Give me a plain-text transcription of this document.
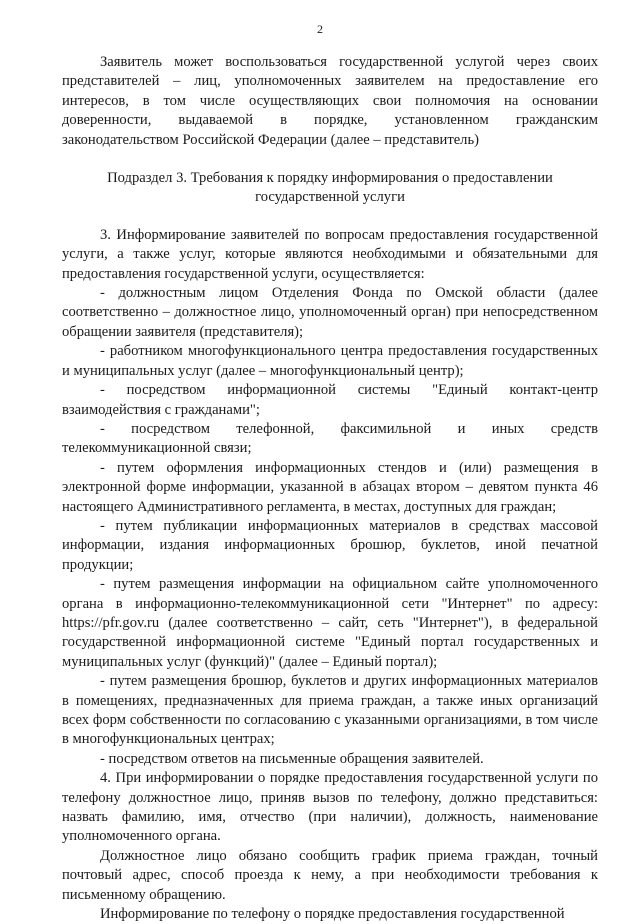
2

Заявитель может воспользоваться государственной услугой через своих представителей – лиц, уполномоченных заявителем на предоставление его интересов, в том числе осуществляющих свои полномочия на основании доверенности, выдаваемой в порядке, установленном гражданским законодательством Российской Федерации (далее – представитель)

Подраздел 3. Требования к порядку информирования о предоставлении государственной услуги

3. Информирование заявителей по вопросам предоставления государственной услуги, а также услуг, которые являются необходимыми и обязательными для предоставления государственной услуги, осуществляется:

- должностным лицом Отделения Фонда по Омской области (далее соответственно – должностное лицо, уполномоченный орган) при непосредственном обращении заявителя (представителя);

- работником многофункционального центра предоставления государственных и муниципальных услуг (далее – многофункциональный центр);

- посредством информационной системы "Единый контакт-центр взаимодействия с гражданами";

- посредством телефонной, факсимильной и иных средств телекоммуникационной связи;

- путем оформления информационных стендов и (или) размещения в электронной форме информации, указанной в абзацах втором – девятом пункта 46 настоящего Административного регламента, в местах, доступных для граждан;

- путем публикации информационных материалов в средствах массовой информации, издания информационных брошюр, буклетов, иной печатной продукции;

- путем размещения информации на официальном сайте уполномоченного органа в информационно-телекоммуникационной сети "Интернет" по адресу: https://pfr.gov.ru (далее соответственно – сайт, сеть "Интернет"), в федеральной государственной информационной системе "Единый портал государственных и муниципальных услуг (функций)" (далее – Единый портал);

- путем размещения брошюр, буклетов и других информационных материалов в помещениях, предназначенных для приема граждан, а также иных организаций всех форм собственности по согласованию с указанными организациями, в том числе в многофункциональных центрах;

- посредством ответов на письменные обращения заявителей.

4. При информировании о порядке предоставления государственной услуги по телефону должностное лицо, приняв вызов по телефону, должно представиться: назвать фамилию, имя, отчество (при наличии), должность, наименование уполномоченного органа.

Должностное лицо обязано сообщить график приема граждан, точный почтовый адрес, способ проезда к нему, а при необходимости требования к письменному обращению.

Информирование по телефону о порядке предоставления государственной
